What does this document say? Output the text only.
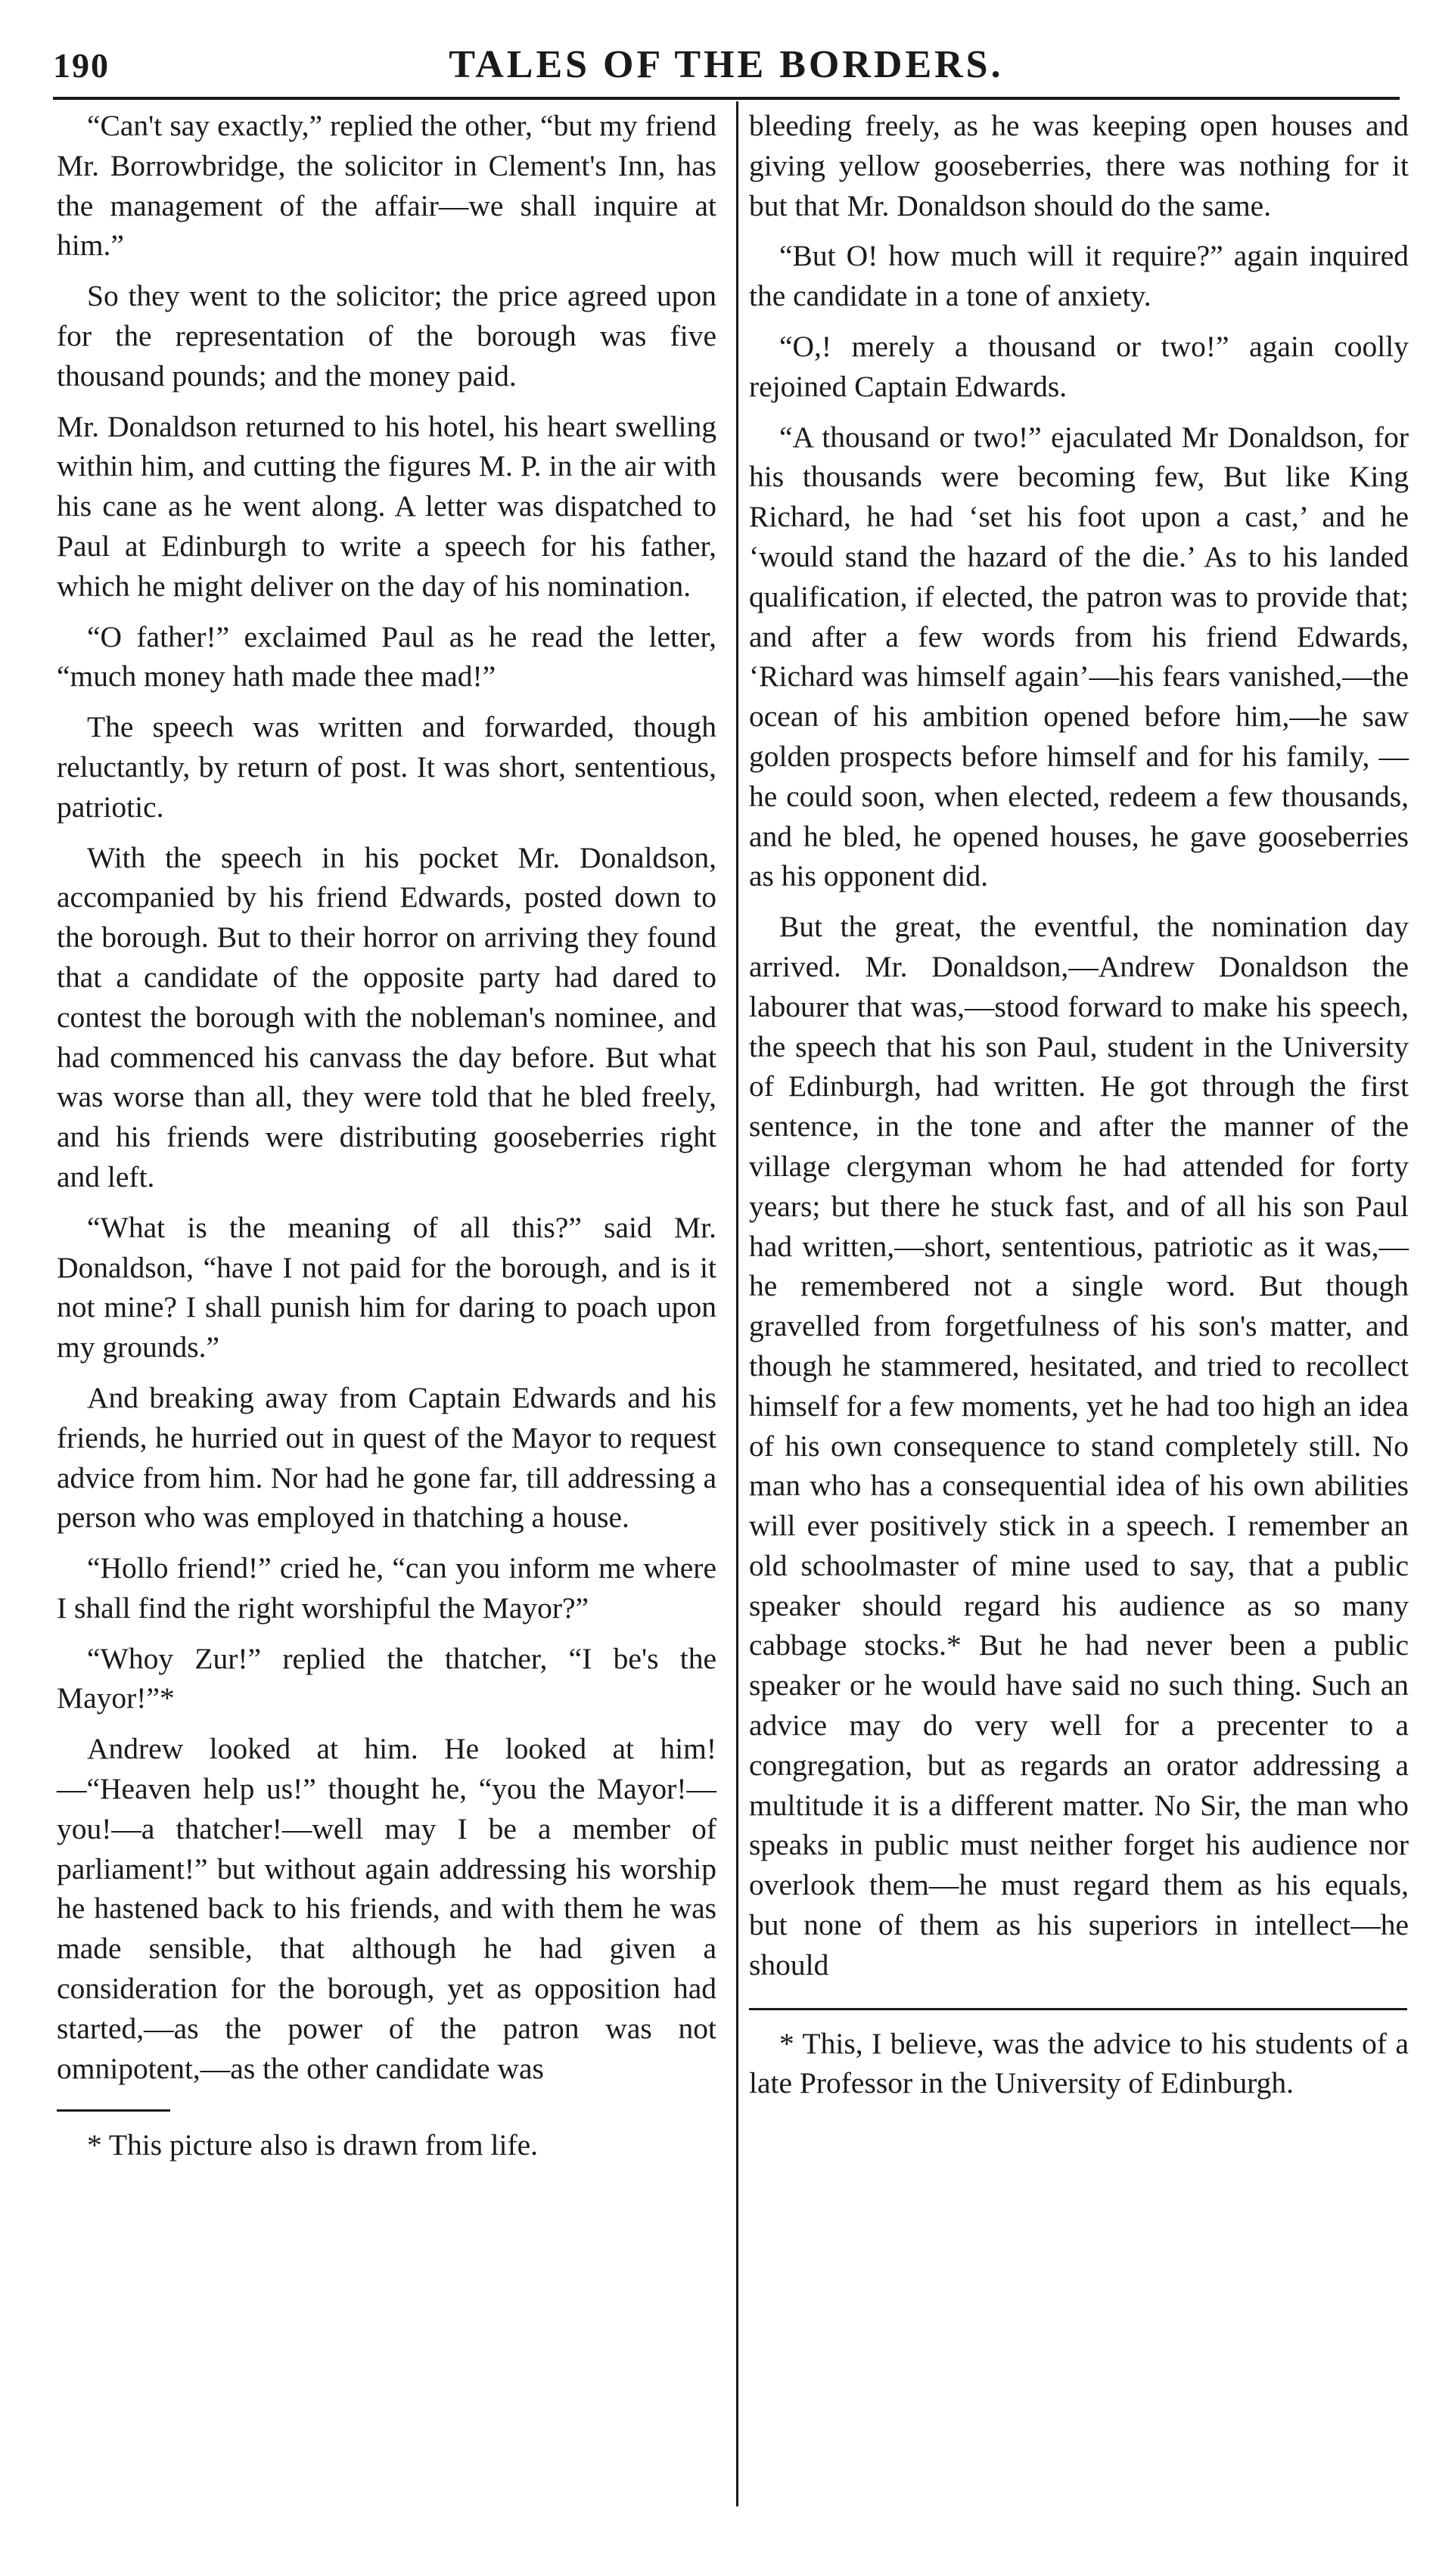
190	TALES OF THE BORDERS.

“Can't say exactly,” replied the other, “but my friend Mr. Borrowbridge, the solicitor in Clement's Inn, has the management of the affair—we shall inquire at him.”

So they went to the solicitor; the price agreed upon for the representation of the borough was five thousand pounds; and the money paid.

Mr. Donaldson returned to his hotel, his heart swelling within him, and cutting the figures M. P. in the air with his cane as he went along. A letter was dispatched to Paul at Edinburgh to write a speech for his father, which he might deliver on the day of his nomination.

“O father!” exclaimed Paul as he read the letter, “much money hath made thee mad!”

The speech was written and forwarded, though reluctantly, by return of post. It was short, sententious, patriotic.

With the speech in his pocket Mr. Donaldson, accompanied by his friend Edwards, posted down to the borough. But to their horror on arriving they found that a candidate of the opposite party had dared to contest the borough with the nobleman's nominee, and had commenced his canvass the day before. But what was worse than all, they were told that he bled freely, and his friends were distributing gooseberries right and left.

“What is the meaning of all this?” said Mr. Donaldson, “have I not paid for the borough, and is it not mine? I shall punish him for daring to poach upon my grounds.”

And breaking away from Captain Edwards and his friends, he hurried out in quest of the Mayor to request advice from him. Nor had he gone far, till addressing a person who was employed in thatching a house.

“Hollo friend!” cried he, “can you inform me where I shall find the right worshipful the Mayor?”

“Whoy Zur!” replied the thatcher, “I be's the Mayor!”*

Andrew looked at him. He looked at him! —“Heaven help us!” thought he, “you the Mayor!—you!—a thatcher!—well may I be a member of parliament!” but without again addressing his worship he hastened back to his friends, and with them he was made sensible, that although he had given a consideration for the borough, yet as opposition had started,—as the power of the patron was not omnipotent,—as the other candidate was

* This picture also is drawn from life.

bleeding freely, as he was keeping open houses and giving yellow gooseberries, there was nothing for it but that Mr. Donaldson should do the same.

“But O! how much will it require?” again inquired the candidate in a tone of anxiety.

“O,! merely a thousand or two!” again coolly rejoined Captain Edwards.

“A thousand or two!” ejaculated Mr Donaldson, for his thousands were becoming few, But like King Richard, he had ‘set his foot upon a cast,’ and he ‘would stand the hazard of the die.’ As to his landed qualification, if elected, the patron was to provide that; and after a few words from his friend Edwards, ‘Richard was himself again’—his fears vanished,—the ocean of his ambition opened before him,—he saw golden prospects before himself and for his family, —he could soon, when elected, redeem a few thousands, and he bled, he opened houses, he gave gooseberries as his opponent did.

But the great, the eventful, the nomination day arrived. Mr. Donaldson,—Andrew Donaldson the labourer that was,—stood forward to make his speech, the speech that his son Paul, student in the University of Edinburgh, had written. He got through the first sentence, in the tone and after the manner of the village clergyman whom he had attended for forty years; but there he stuck fast, and of all his son Paul had written,—short, sententious, patriotic as it was,—he remembered not a single word. But though gravelled from forgetfulness of his son's matter, and though he stammered, hesitated, and tried to recollect himself for a few moments, yet he had too high an idea of his own consequence to stand completely still. No man who has a consequential idea of his own abilities will ever positively stick in a speech. I remember an old schoolmaster of mine used to say, that a public speaker should regard his audience as so many cabbage stocks.* But he had never been a public speaker or he would have said no such thing. Such an advice may do very well for a precenter to a congregation, but as regards an orator addressing a multitude it is a different matter. No Sir, the man who speaks in public must neither forget his audience nor overlook them—he must regard them as his equals, but none of them as his superiors in intellect—he should

* This, I believe, was the advice to his students of a late Professor in the University of Edinburgh.
